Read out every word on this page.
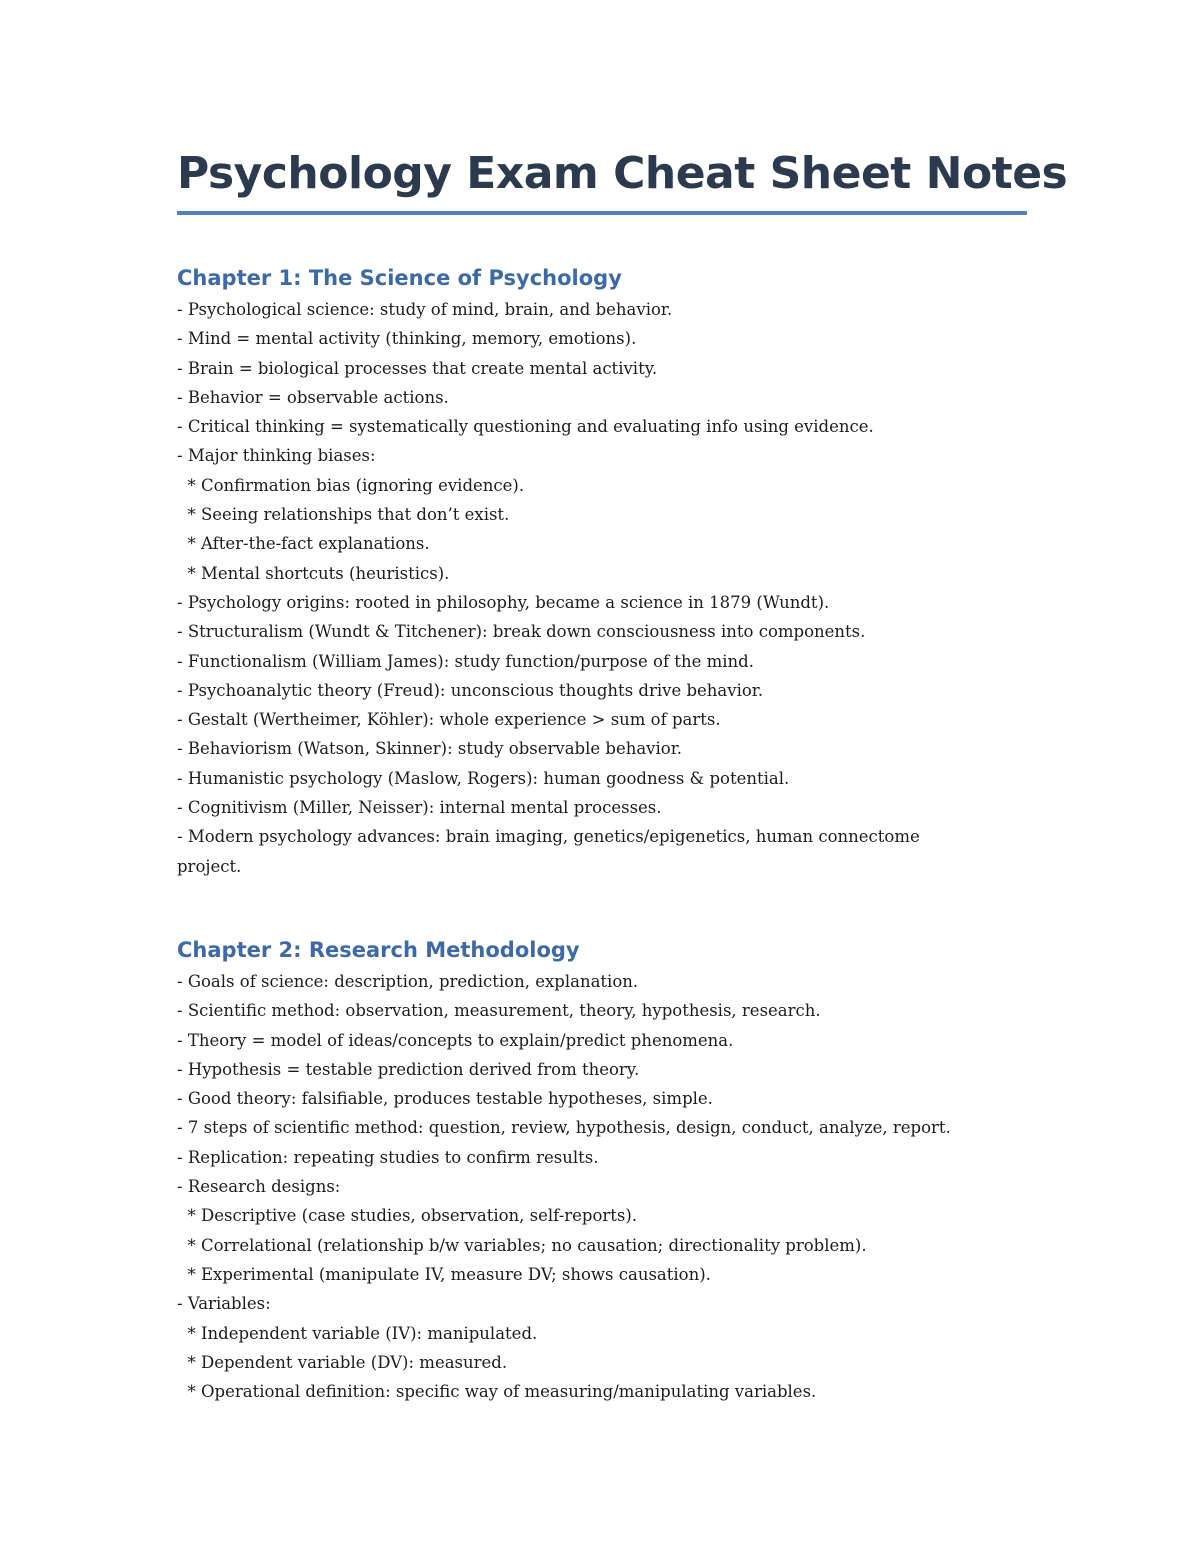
Psychology Exam Cheat Sheet Notes
Chapter 1: The Science of Psychology
- Psychological science: study of mind, brain, and behavior.
- Mind = mental activity (thinking, memory, emotions).
- Brain = biological processes that create mental activity.
- Behavior = observable actions.
- Critical thinking = systematically questioning and evaluating info using evidence.
- Major thinking biases:
* Confirmation bias (ignoring evidence).
* Seeing relationships that don’t exist.
* After-the-fact explanations.
* Mental shortcuts (heuristics).
- Psychology origins: rooted in philosophy, became a science in 1879 (Wundt).
- Structuralism (Wundt & Titchener): break down consciousness into components.
- Functionalism (William James): study function/purpose of the mind.
- Psychoanalytic theory (Freud): unconscious thoughts drive behavior.
- Gestalt (Wertheimer, Köhler): whole experience > sum of parts.
- Behaviorism (Watson, Skinner): study observable behavior.
- Humanistic psychology (Maslow, Rogers): human goodness & potential.
- Cognitivism (Miller, Neisser): internal mental processes.
- Modern psychology advances: brain imaging, genetics/epigenetics, human connectome
project.
Chapter 2: Research Methodology
- Goals of science: description, prediction, explanation.
- Scientific method: observation, measurement, theory, hypothesis, research.
- Theory = model of ideas/concepts to explain/predict phenomena.
- Hypothesis = testable prediction derived from theory.
- Good theory: falsifiable, produces testable hypotheses, simple.
- 7 steps of scientific method: question, review, hypothesis, design, conduct, analyze, report.
- Replication: repeating studies to confirm results.
- Research designs:
* Descriptive (case studies, observation, self-reports).
* Correlational (relationship b/w variables; no causation; directionality problem).
* Experimental (manipulate IV, measure DV; shows causation).
- Variables:
* Independent variable (IV): manipulated.
* Dependent variable (DV): measured.
* Operational definition: specific way of measuring/manipulating variables.
